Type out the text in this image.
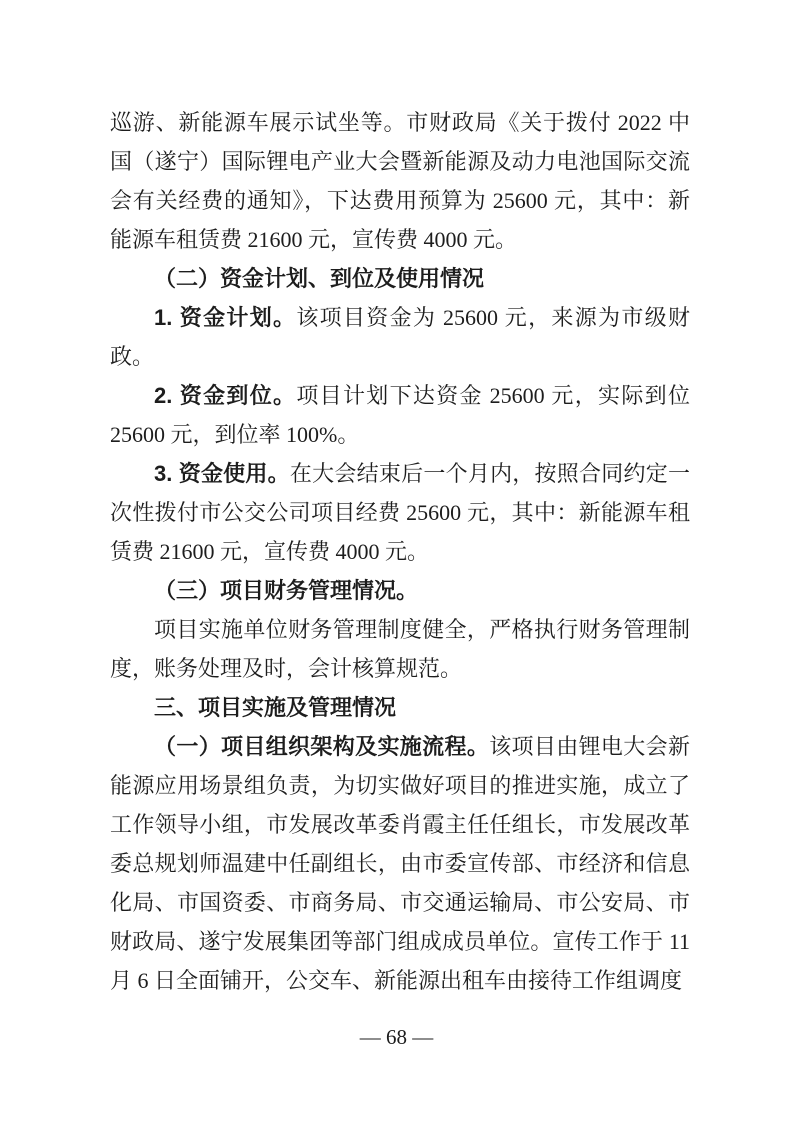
巡游、新能源车展示试坐等。市财政局《关于拨付 2022 中国（遂宁）国际锂电产业大会暨新能源及动力电池国际交流会有关经费的通知》，下达费用预算为 25600 元，其中：新能源车租赁费 21600 元，宣传费 4000 元。

（二）资金计划、到位及使用情况

1. 资金计划。该项目资金为 25600 元，来源为市级财政。

2. 资金到位。项目计划下达资金 25600 元，实际到位 25600 元，到位率 100%。

3. 资金使用。在大会结束后一个月内，按照合同约定一次性拨付市公交公司项目经费 25600 元，其中：新能源车租赁费 21600 元，宣传费 4000 元。

（三）项目财务管理情况。

项目实施单位财务管理制度健全，严格执行财务管理制度，账务处理及时，会计核算规范。

三、项目实施及管理情况

（一）项目组织架构及实施流程。该项目由锂电大会新能源应用场景组负责，为切实做好项目的推进实施，成立了工作领导小组，市发展改革委肖霞主任任组长，市发展改革委总规划师温建中任副组长，由市委宣传部、市经济和信息化局、市国资委、市商务局、市交通运输局、市公安局、市财政局、遂宁发展集团等部门组成成员单位。宣传工作于 11 月 6 日全面铺开，公交车、新能源出租车由接待工作组调度

— 68 —
